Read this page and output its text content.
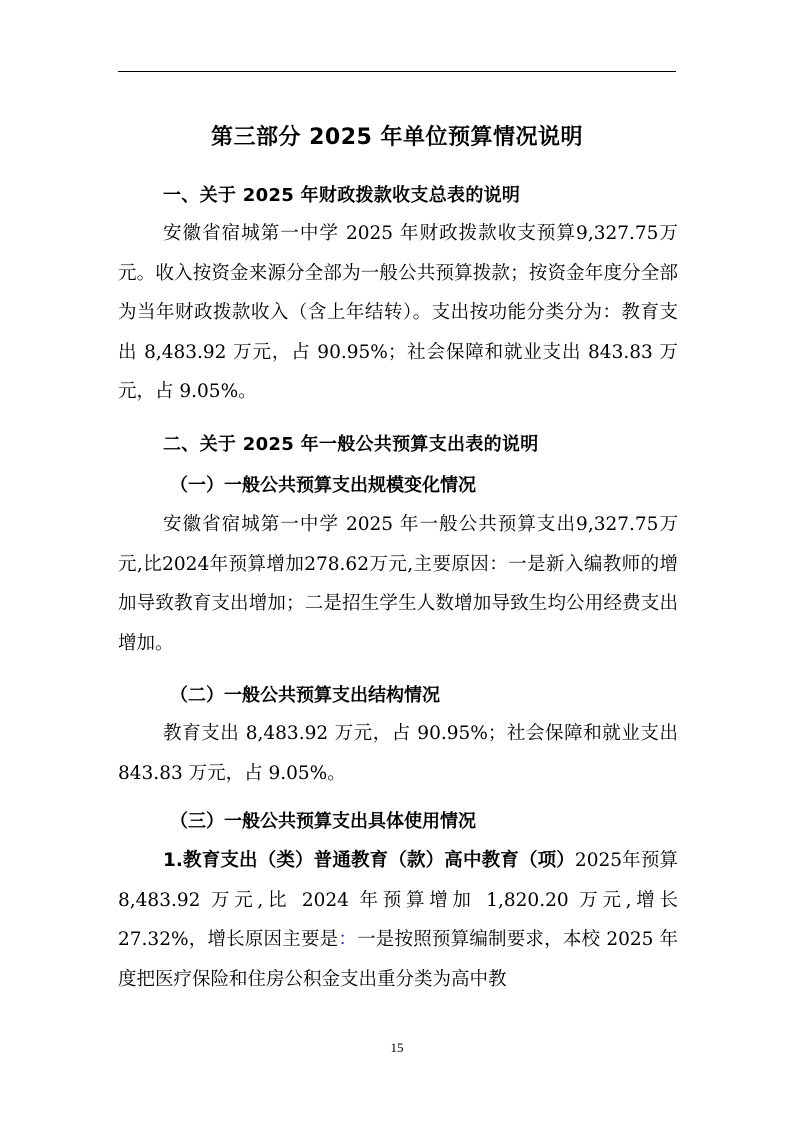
第三部分 2025 年单位预算情况说明
一、关于 2025 年财政拨款收支总表的说明
安徽省宿城第一中学 2025 年财政拨款收支预算9,327.75万元。收入按资金来源分全部为一般公共预算拨款；按资金年度分全部为当年财政拨款收入（含上年结转）。支出按功能分类分为：教育支出 8,483.92 万元，占 90.95%；社会保障和就业支出 843.83 万元，占 9.05%。
二、关于 2025 年一般公共预算支出表的说明
（一）一般公共预算支出规模变化情况
安徽省宿城第一中学 2025 年一般公共预算支出9,327.75万元,比2024年预算增加278.62万元,主要原因：一是新入编教师的增加导致教育支出增加；二是招生学生人数增加导致生均公用经费支出增加。
（二）一般公共预算支出结构情况
教育支出 8,483.92 万元，占 90.95%；社会保障和就业支出 843.83 万元，占 9.05%。
（三）一般公共预算支出具体使用情况
1.教育支出（类）普通教育（款）高中教育（项）2025年预算 8,483.92 万元,比 2024 年预算增加 1,820.20 万元,增长 27.32%，增长原因主要是：一是按照预算编制要求，本校 2025 年度把医疗保险和住房公积金支出重分类为高中教
15
